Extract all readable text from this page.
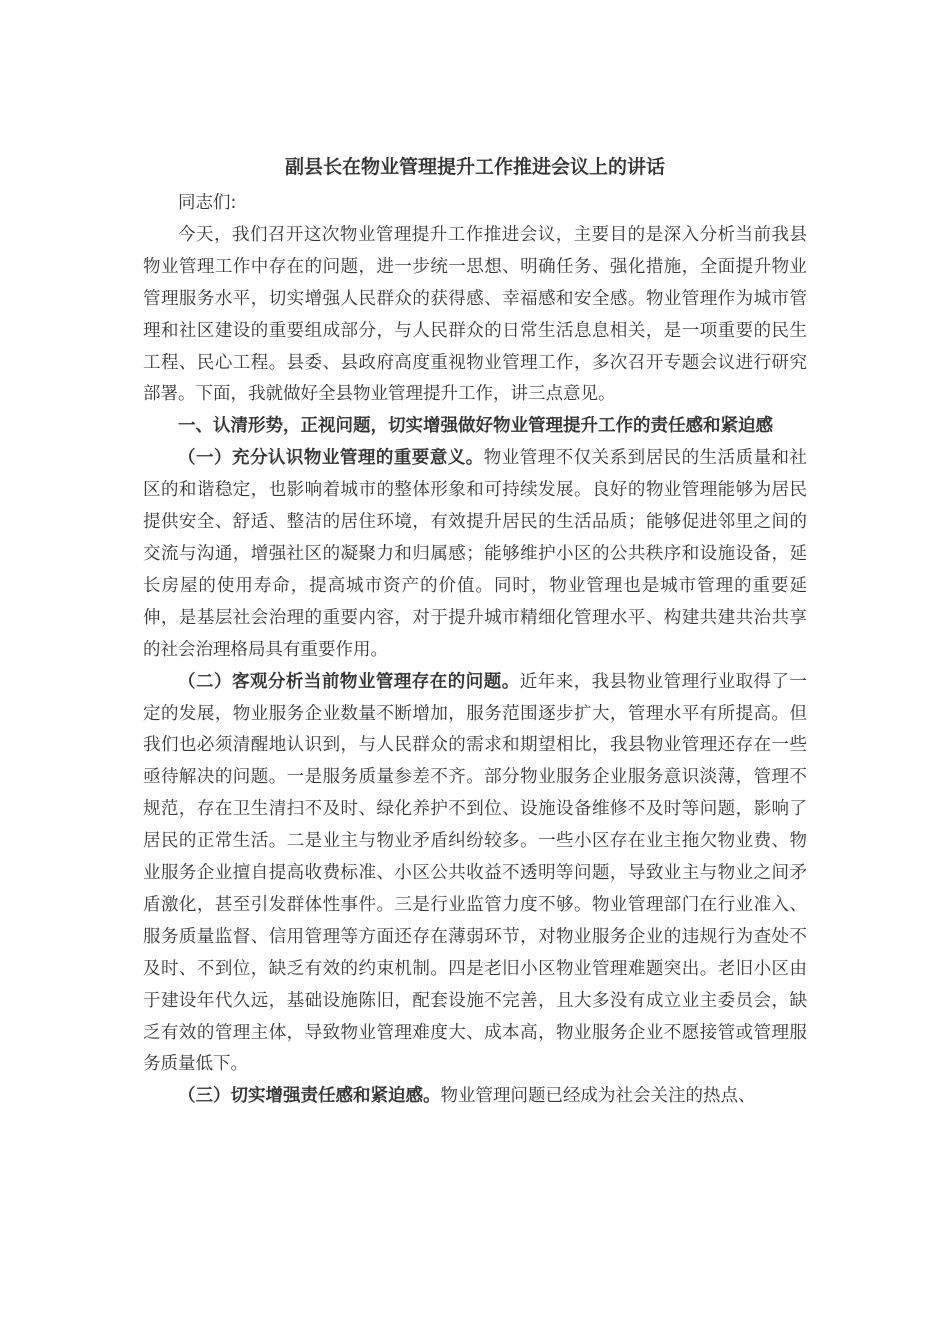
副县长在物业管理提升工作推进会议上的讲话

同志们:

今天，我们召开这次物业管理提升工作推进会议，主要目的是深入分析当前我县物业管理工作中存在的问题，进一步统一思想、明确任务、强化措施，全面提升物业管理服务水平，切实增强人民群众的获得感、幸福感和安全感。物业管理作为城市管理和社区建设的重要组成部分，与人民群众的日常生活息息相关，是一项重要的民生工程、民心工程。县委、县政府高度重视物业管理工作，多次召开专题会议进行研究部署。下面，我就做好全县物业管理提升工作，讲三点意见。

一、认清形势，正视问题，切实增强做好物业管理提升工作的责任感和紧迫感

（一）充分认识物业管理的重要意义。物业管理不仅关系到居民的生活质量和社区的和谐稳定，也影响着城市的整体形象和可持续发展。良好的物业管理能够为居民提供安全、舒适、整洁的居住环境，有效提升居民的生活品质；能够促进邻里之间的交流与沟通，增强社区的凝聚力和归属感；能够维护小区的公共秩序和设施设备，延长房屋的使用寿命，提高城市资产的价值。同时，物业管理也是城市管理的重要延伸，是基层社会治理的重要内容，对于提升城市精细化管理水平、构建共建共治共享的社会治理格局具有重要作用。

（二）客观分析当前物业管理存在的问题。近年来，我县物业管理行业取得了一定的发展，物业服务企业数量不断增加，服务范围逐步扩大，管理水平有所提高。但我们也必须清醒地认识到，与人民群众的需求和期望相比，我县物业管理还存在一些亟待解决的问题。一是服务质量参差不齐。部分物业服务企业服务意识淡薄，管理不规范，存在卫生清扫不及时、绿化养护不到位、设施设备维修不及时等问题，影响了居民的正常生活。二是业主与物业矛盾纠纷较多。一些小区存在业主拖欠物业费、物业服务企业擅自提高收费标准、小区公共收益不透明等问题，导致业主与物业之间矛盾激化，甚至引发群体性事件。三是行业监管力度不够。物业管理部门在行业准入、服务质量监督、信用管理等方面还存在薄弱环节，对物业服务企业的违规行为查处不及时、不到位，缺乏有效的约束机制。四是老旧小区物业管理难题突出。老旧小区由于建设年代久远，基础设施陈旧，配套设施不完善，且大多没有成立业主委员会，缺乏有效的管理主体，导致物业管理难度大、成本高，物业服务企业不愿接管或管理服务质量低下。

（三）切实增强责任感和紧迫感。物业管理问题已经成为社会关注的热点、
